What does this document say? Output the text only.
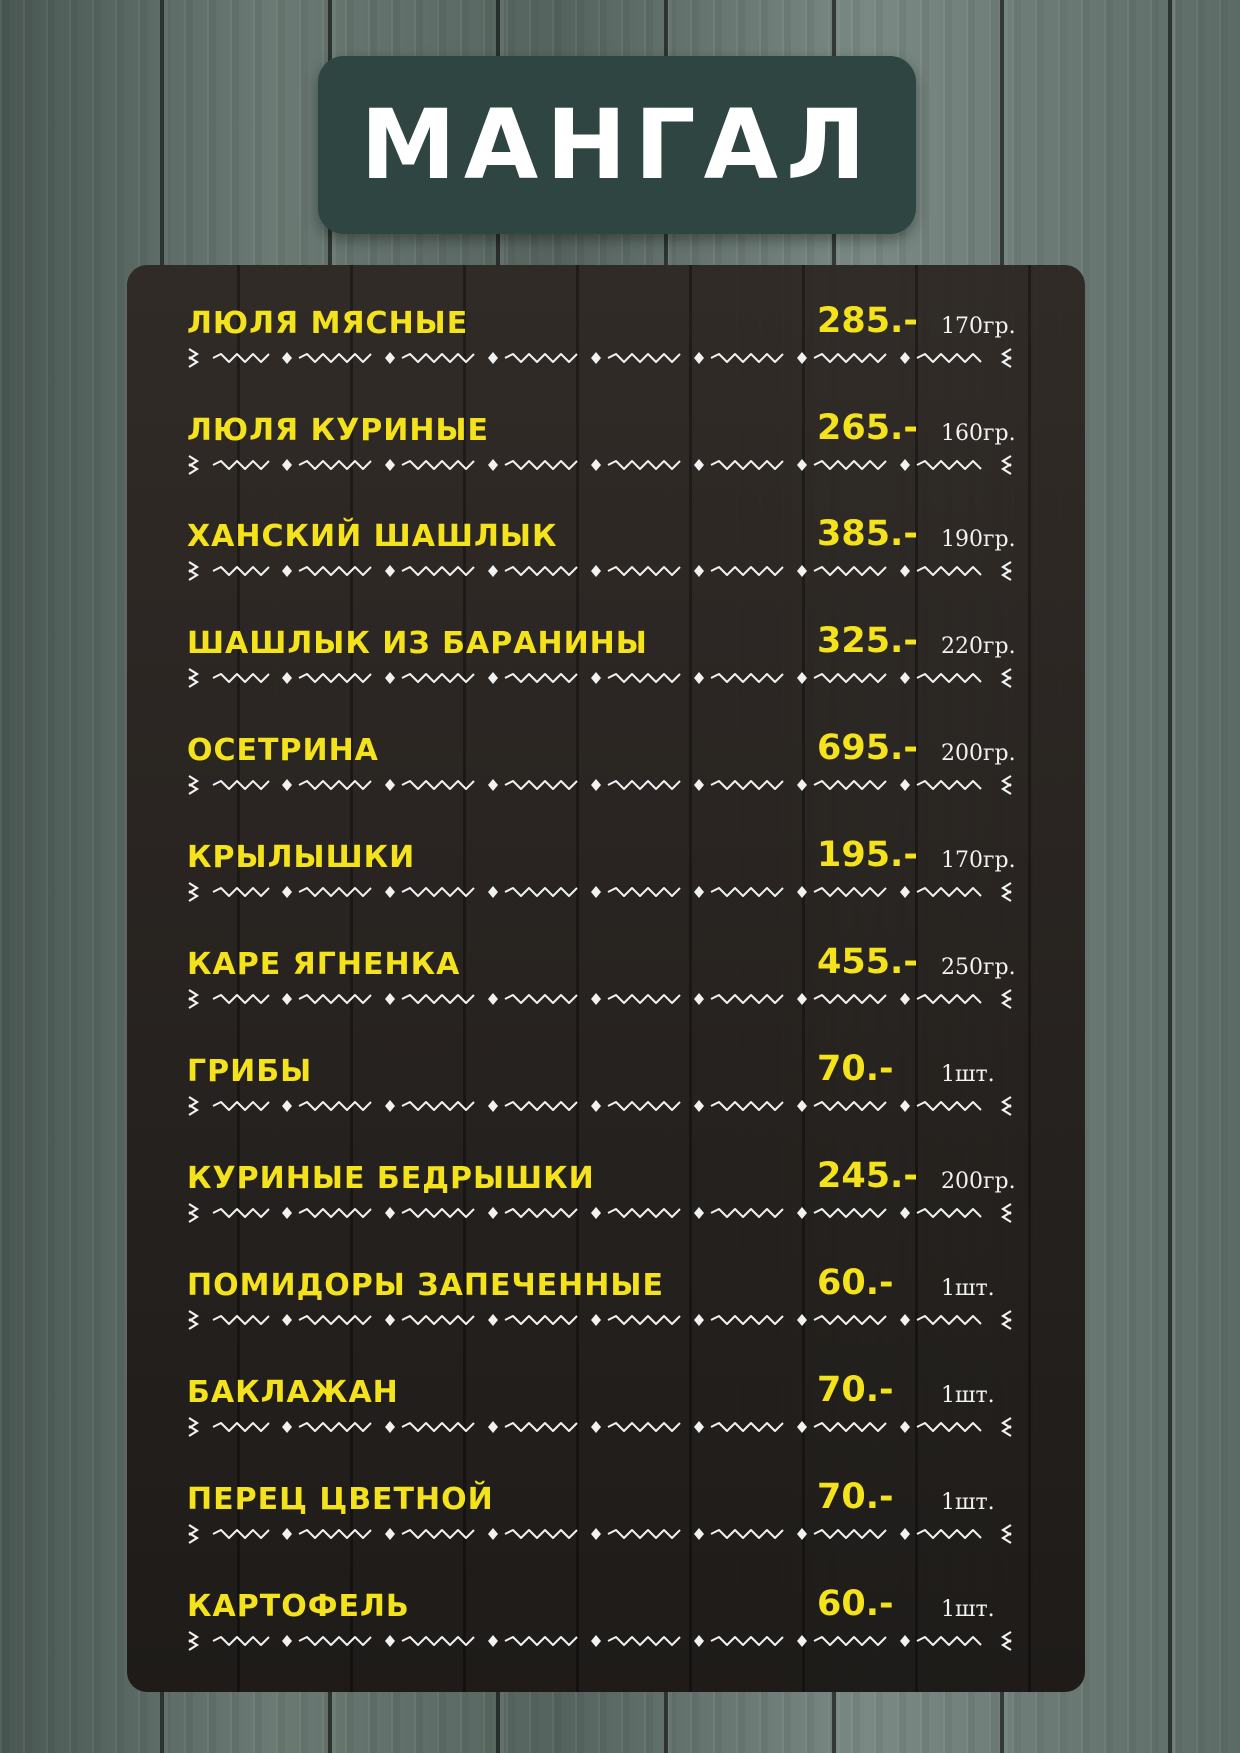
МАНГАЛ
ЛЮЛЯ МЯСНЫЕ	285.- 170гр.
ЛЮЛЯ КУРИНЫЕ	265.- 160гр.
ХАНСКИЙ ШАШЛЫК	385.- 190гр.
ШАШЛЫК ИЗ БАРАНИНЫ	325.- 220гр.
ОСЕТРИНА	695.- 200гр.
КРЫЛЫШКИ	195.- 170гр.
КАРЕ ЯГНЕНКА	455.- 250гр.
ГРИБЫ	70.- 1шт.
КУРИНЫЕ БЕДРЫШКИ	245.- 200гр.
ПОМИДОРЫ ЗАПЕЧЕННЫЕ	60.- 1шт.
БАКЛАЖАН	70.- 1шт.
ПЕРЕЦ ЦВЕТНОЙ	70.- 1шт.
КАРТОФЕЛЬ	60.- 1шт.
